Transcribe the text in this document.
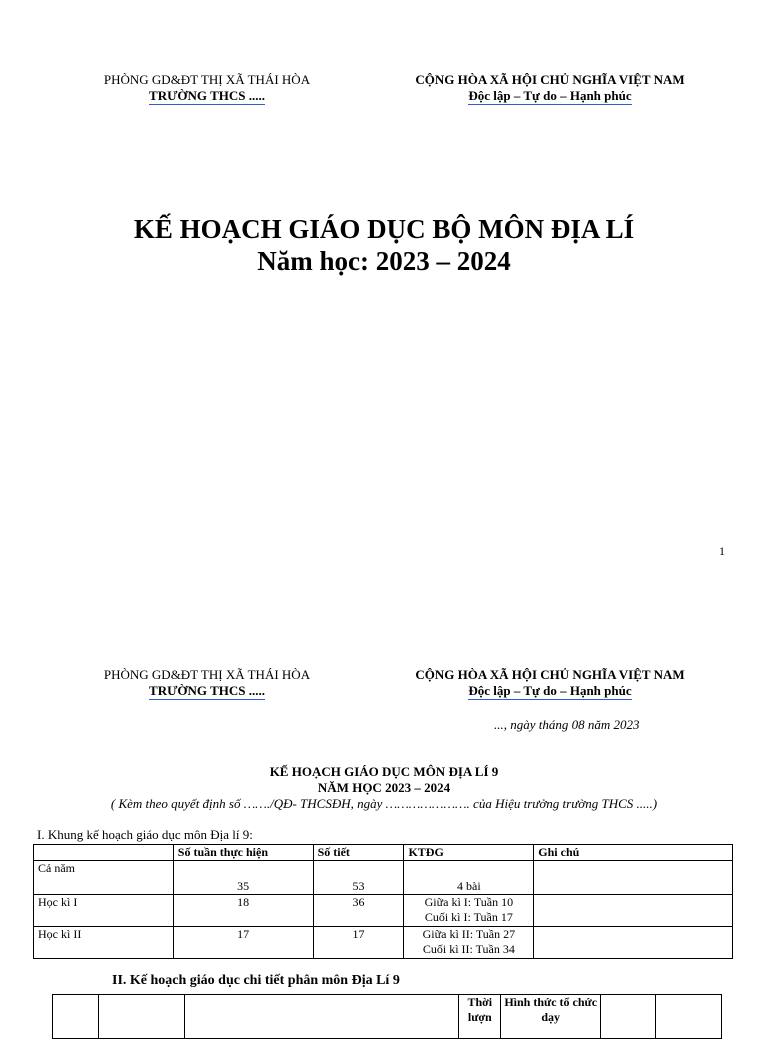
PHÒNG GD&ĐT THỊ XÃ THÁI HÒA
TRƯỜNG THCS .....
CỘNG HÒA XÃ HỘI CHỦ NGHĨA VIỆT NAM
Độc lập – Tự do – Hạnh phúc
KẾ HOẠCH GIÁO DỤC BỘ MÔN ĐỊA LÍ
Năm học: 2023 – 2024
1
PHÒNG GD&ĐT THỊ XÃ THÁI HÒA
TRƯỜNG THCS .....
CỘNG HÒA XÃ HỘI CHỦ NGHĨA VIỆT NAM
Độc lập – Tự do – Hạnh phúc
..., ngày tháng 08 năm 2023
KẾ HOẠCH GIÁO DỤC MÔN ĐỊA LÍ 9
NĂM HỌC 2023 – 2024
( Kèm theo quyết định số ……./QĐ- THCSĐH, ngày …………………. của Hiệu trưởng trường THCS .....)
I. Khung kế hoạch giáo dục môn Địa lí 9:
	Số tuần thực hiện	Số tiết	KTĐG	Ghi chú
Cả năm	35	53	4 bài	
Học kì I	18	36	Giữa kì I: Tuần 10
Cuối kì I: Tuần 17	

Học kì II	17	17	Giữa kì II: Tuần 27
Cuối kì II: Tuần 34	

II. Kế hoạch giáo dục chi tiết phân môn Địa Lí 9
			Thời lượn	Hình thức tổ chức dạy		
